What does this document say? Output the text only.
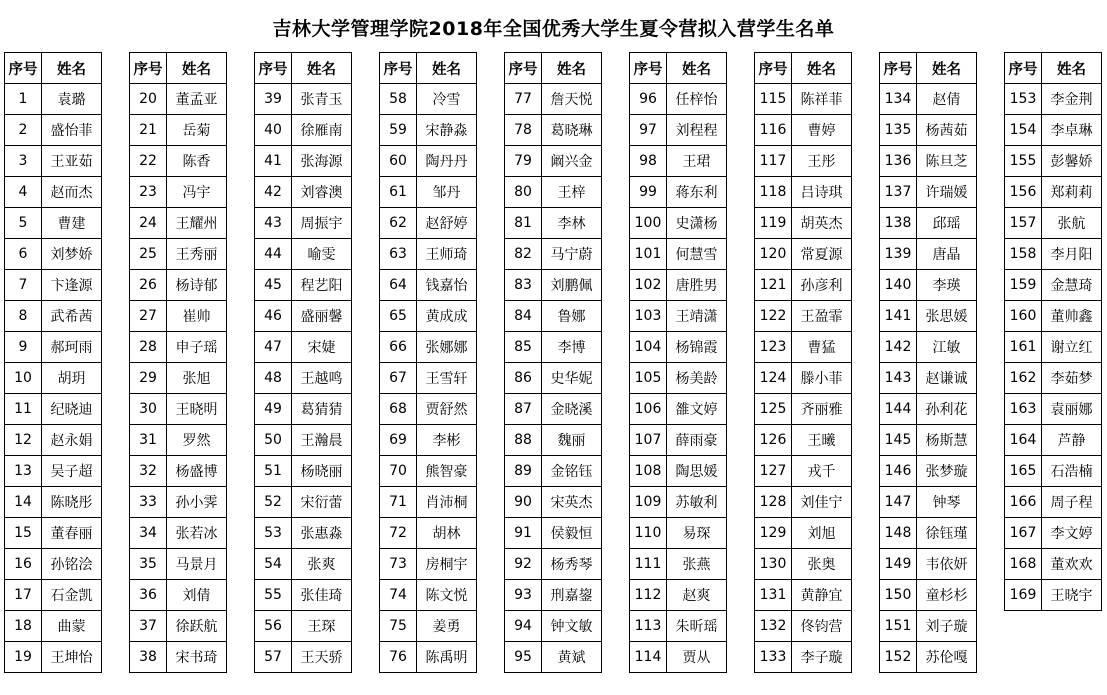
吉林大学管理学院2018年全国优秀大学生夏令营拟入营学生名单
序号	姓名
1	袁璐
2	盛怡菲
3	王亚茹
4	赵而杰
5	曹建
6	刘梦娇
7	卞逢源
8	武希茜
9	郝珂雨
10	胡玥
11	纪晓迪
12	赵永娟
13	吴子超
14	陈晓彤
15	董春丽
16	孙铭浍
17	石金凯
18	曲蒙
19	王坤怡
序号	姓名
20	董孟亚
21	岳菊
22	陈香
23	冯宇
24	王耀州
25	王秀丽
26	杨诗郁
27	崔帅
28	申子瑶
29	张旭
30	王晓明
31	罗然
32	杨盛博
33	孙小霁
34	张若冰
35	马景月
36	刘倩
37	徐跃航
38	宋书琦
序号	姓名
39	张青玉
40	徐雁南
41	张海源
42	刘睿澳
43	周振宇
44	喻雯
45	程艺阳
46	盛丽馨
47	宋婕
48	王越鸣
49	葛猜猜
50	王瀚晨
51	杨晓丽
52	宋衍蕾
53	张惠淼
54	张爽
55	张佳琦
56	王琛
57	王天骄
序号	姓名
58	冷雪
59	宋静淼
60	陶丹丹
61	邹丹
62	赵舒婷
63	王师琦
64	钱嘉怡
65	黄成成
66	张娜娜
67	王雪轩
68	贾舒然
69	李彬
70	熊智豪
71	肖沛桐
72	胡林
73	房桐宇
74	陈文悦
75	姜勇
76	陈禹明
序号	姓名
77	詹天悦
78	葛晓琳
79	阚兴金
80	王梓
81	李林
82	马宁蔚
83	刘鹏佩
84	鲁娜
85	李博
86	史华妮
87	金晓溪
88	魏丽
89	金铭钰
90	宋英杰
91	侯毅恒
92	杨秀琴
93	刑嘉鋆
94	钟文敏
95	黄斌
序号	姓名
96	任梓怡
97	刘程程
98	王珺
99	蒋东利
100	史潇杨
101	何慧雪
102	唐胜男
103	王靖潇
104	杨锦霞
105	杨美龄
106	雒文婷
107	薛雨豪
108	陶思媛
109	苏敏利
110	易琛
111	张燕
112	赵爽
113	朱昕瑶
114	贾从
序号	姓名
115	陈祥菲
116	曹婷
117	王彤
118	吕诗琪
119	胡英杰
120	常夏源
121	孙彦利
122	王盈霏
123	曹猛
124	滕小菲
125	齐丽雅
126	王曦
127	戎千
128	刘佳宁
129	刘旭
130	张奥
131	黄静宜
132	佟钧营
133	李子璇
序号	姓名
134	赵倩
135	杨茜茹
136	陈旦芝
137	许瑞媛
138	邱瑶
139	唐晶
140	李瑛
141	张思媛
142	江敏
143	赵谦诚
144	孙利花
145	杨斯慧
146	张梦璇
147	钟琴
148	徐钰瑾
149	韦依妍
150	童杉杉
151	刘子璇
152	苏伦嘎
序号	姓名
153	李金荆
154	李卓琳
155	彭馨娇
156	郑莉莉
157	张航
158	李月阳
159	金慧琦
160	董帅鑫
161	谢立红
162	李茹梦
163	袁丽娜
164	芦静
165	石浩楠
166	周子程
167	李文婷
168	董欢欢
169	王晓宇
